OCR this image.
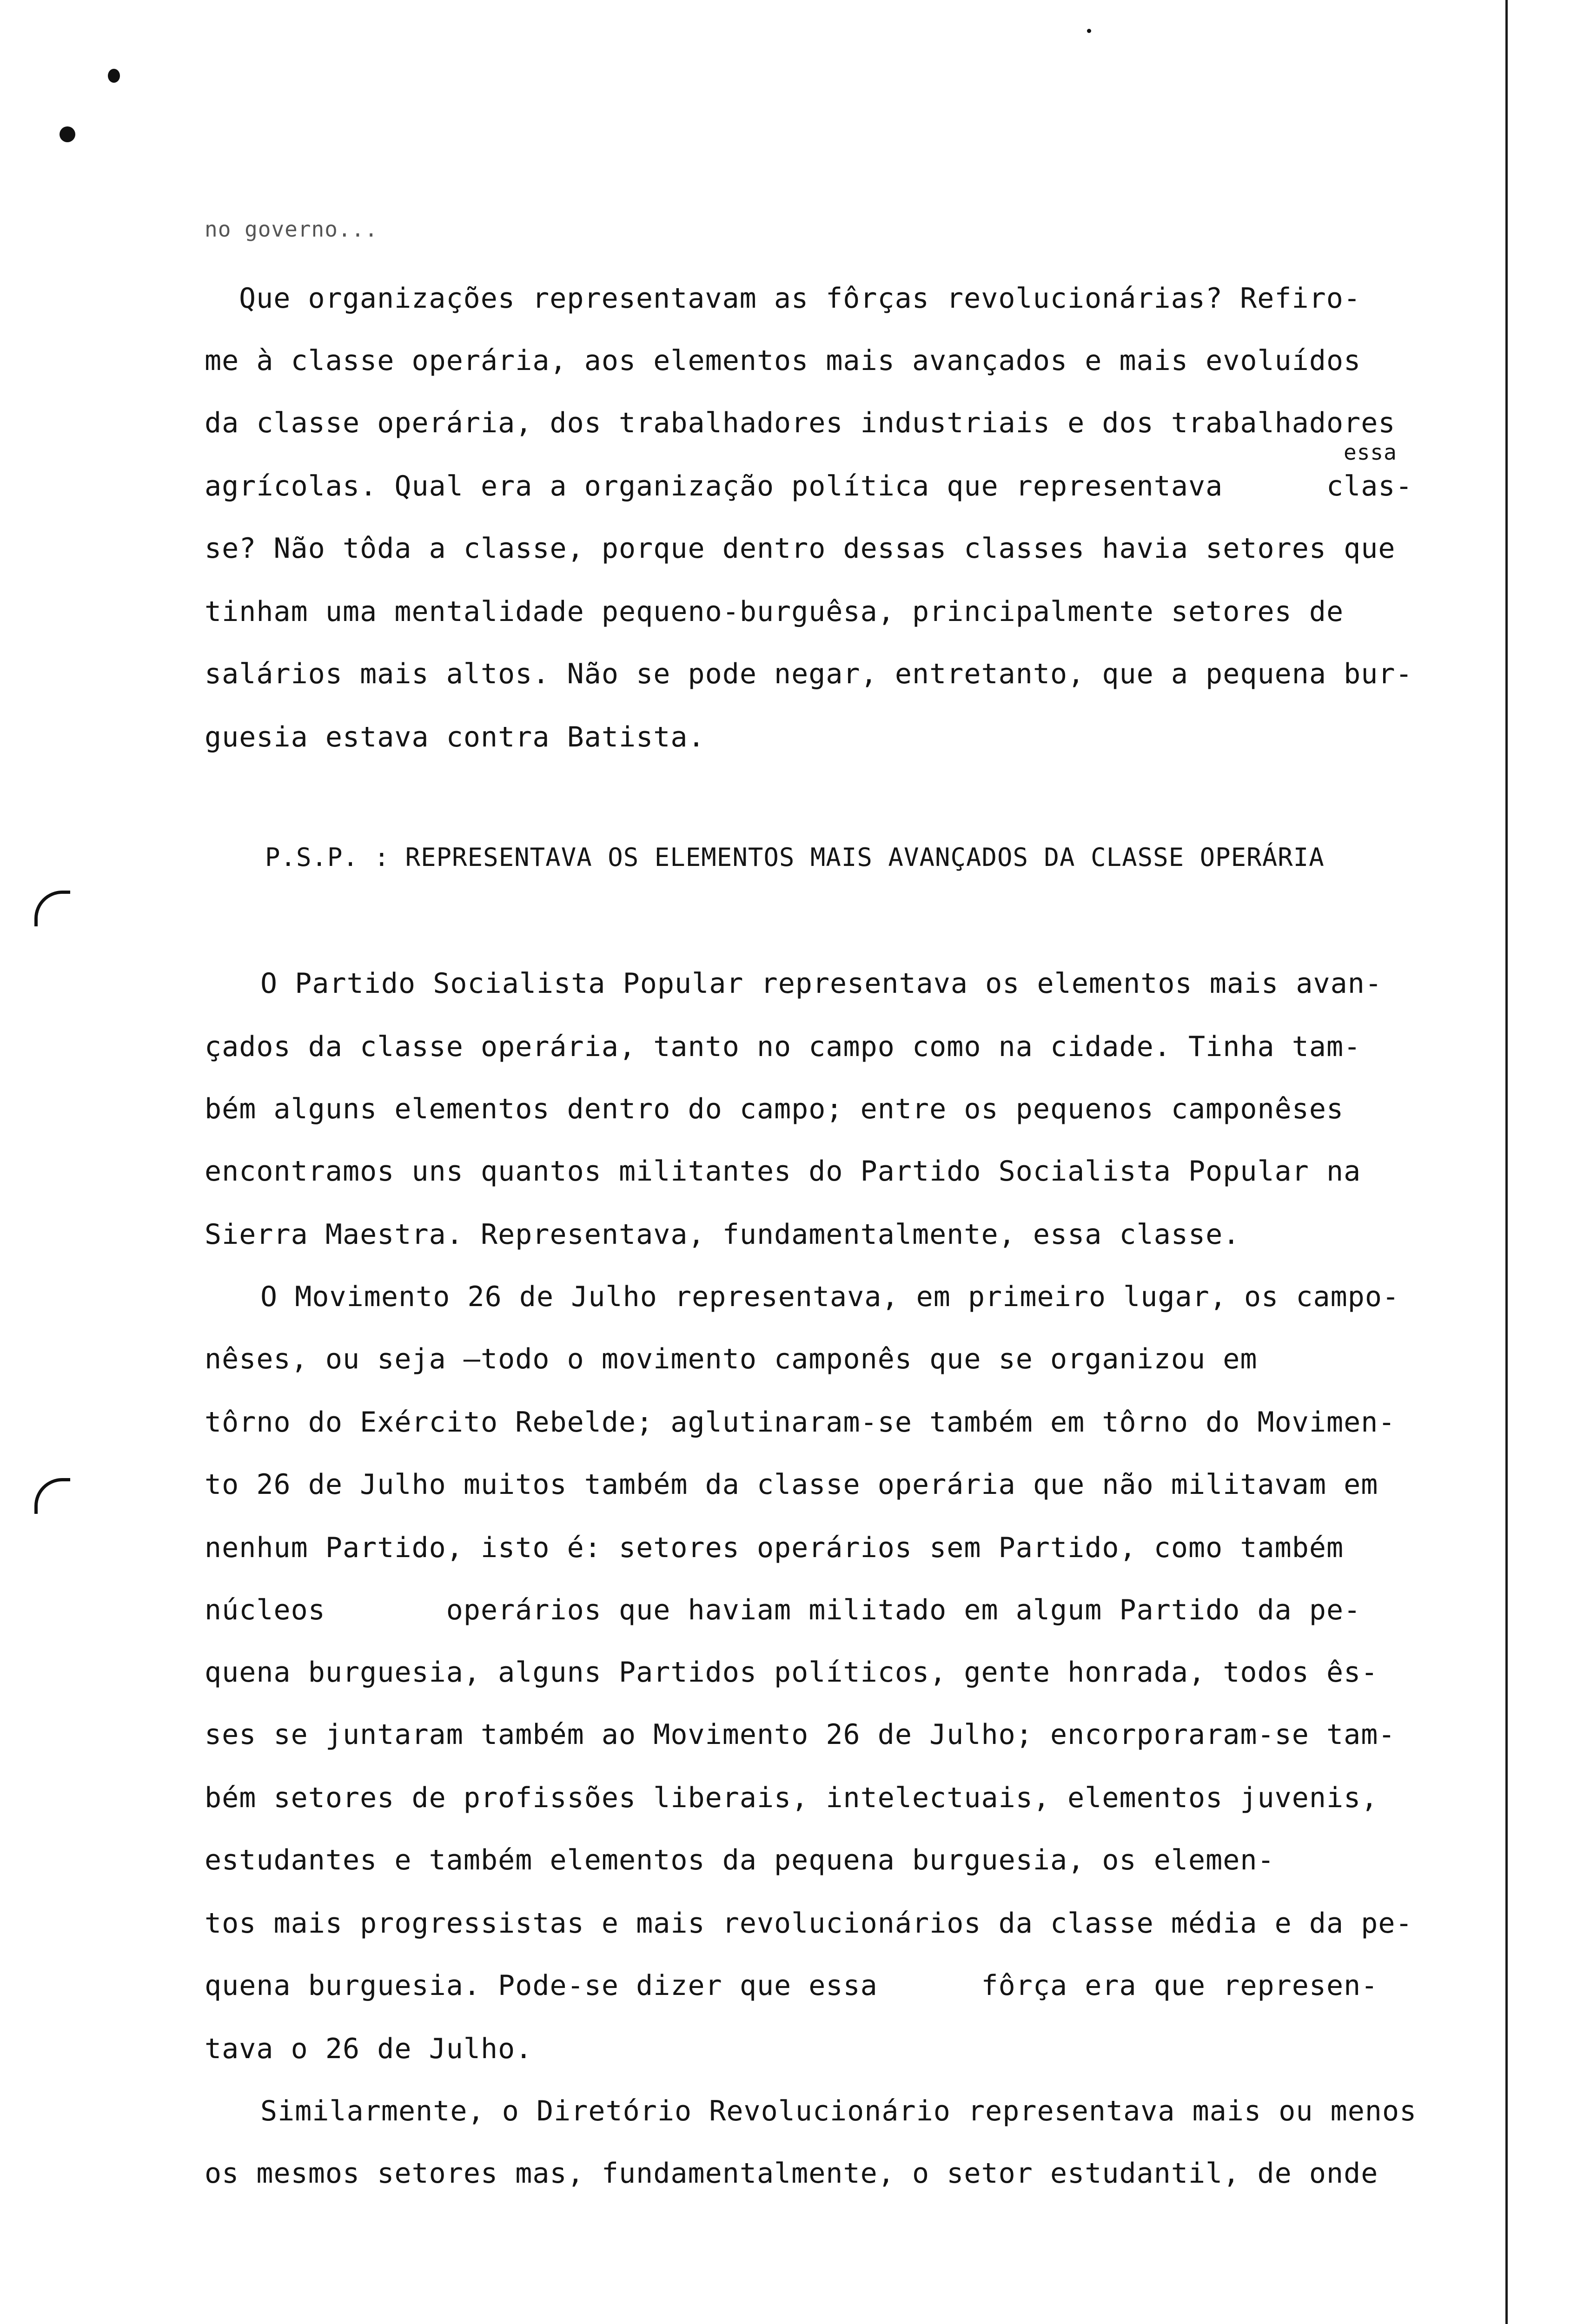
no governo...
Que organizações representavam as fôrças revolucionárias? Refiro-
me à classe operária, aos elementos mais avançados e mais evoluídos
da classe operária, dos trabalhadores industriais e dos trabalhadores
essa
agrícolas. Qual era a organização política que representava      clas-
se? Não tôda a classe, porque dentro dessas classes havia setores que
tinham uma mentalidade pequeno-burguêsa, principalmente setores de
salários mais altos. Não se pode negar, entretanto, que a pequena bur-
guesia estava contra Batista.
P.S.P. : REPRESENTAVA OS ELEMENTOS MAIS AVANÇADOS DA CLASSE OPERÁRIA
O Partido Socialista Popular representava os elementos mais avan-
çados da classe operária, tanto no campo como na cidade. Tinha tam-
bém alguns elementos dentro do campo; entre os pequenos camponêses
encontramos uns quantos militantes do Partido Socialista Popular na
Sierra Maestra. Representava, fundamentalmente, essa classe.
O Movimento 26 de Julho representava, em primeiro lugar, os campo-
nêses, ou seja —todo o movimento camponês que se organizou em
tôrno do Exército Rebelde; aglutinaram-se também em tôrno do Movimen-
to 26 de Julho muitos também da classe operária que não militavam em
nenhum Partido, isto é: setores operários sem Partido, como também
núcleos       operários que haviam militado em algum Partido da pe-
quena burguesia, alguns Partidos políticos, gente honrada, todos ês-
ses se juntaram também ao Movimento 26 de Julho; encorporaram-se tam-
bém setores de profissões liberais, intelectuais, elementos juvenis,
estudantes e também elementos da pequena burguesia, os elemen-
tos mais progressistas e mais revolucionários da classe média e da pe-
quena burguesia. Pode-se dizer que essa      fôrça era que represen-
tava o 26 de Julho.
Similarmente, o Diretório Revolucionário representava mais ou menos
os mesmos setores mas, fundamentalmente, o setor estudantil, de onde
